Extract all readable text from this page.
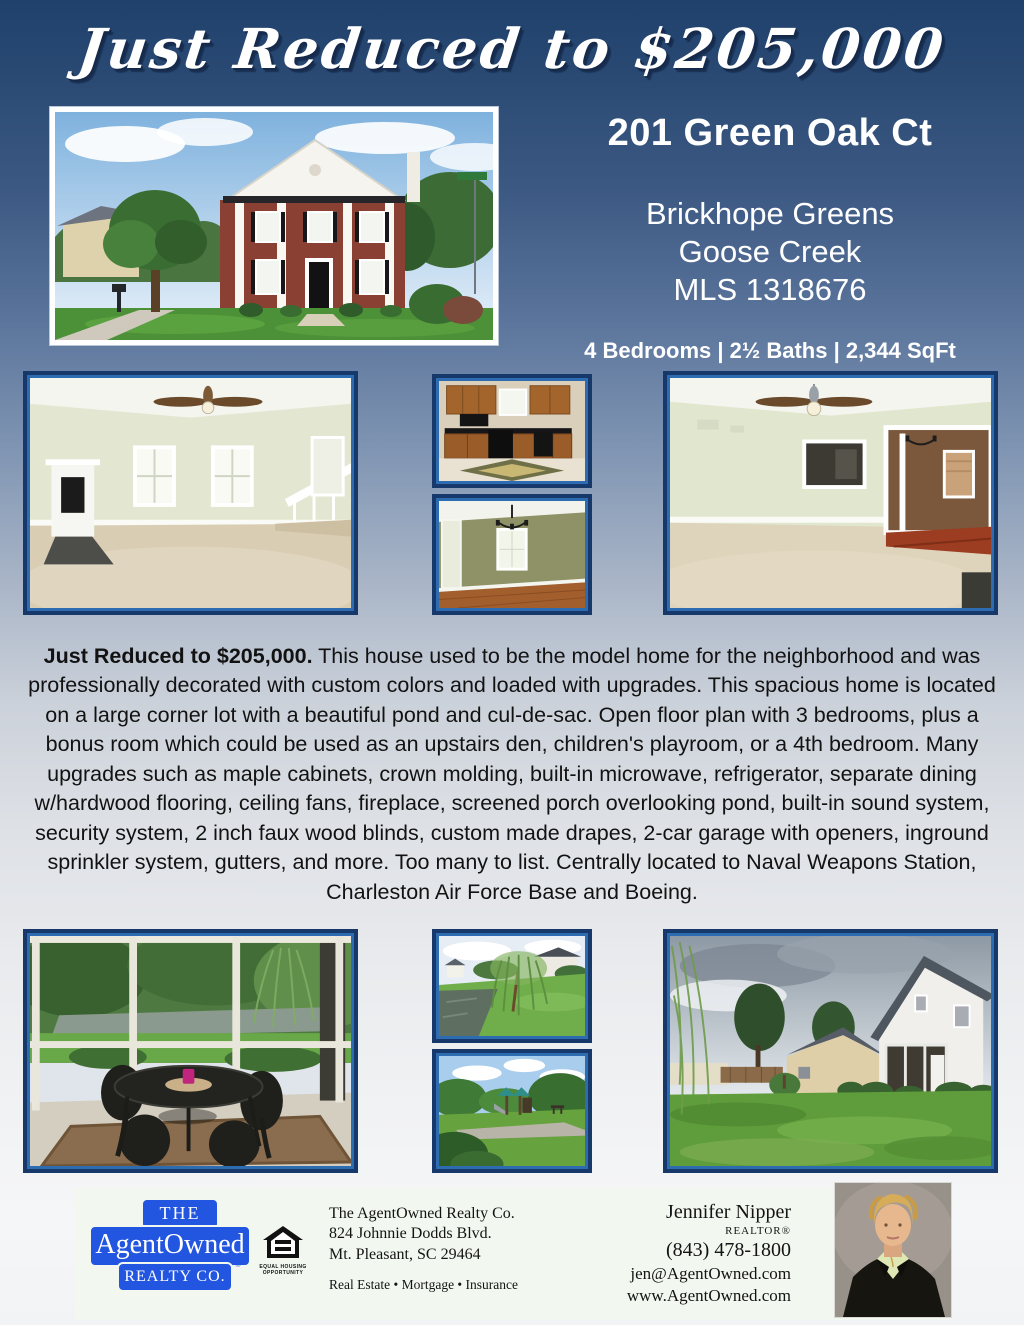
Just Reduced to $205,000
201 Green Oak Ct
Brickhope Greens
Goose Creek
MLS 1318676
4 Bedrooms | 2½ Baths | 2,344 SqFt

Just Reduced to $205,000. This house used to be the model home for the neighborhood and was professionally decorated with custom colors and loaded with upgrades. This spacious home is located on a large corner lot with a beautiful pond and cul-de-sac. Open floor plan with 3 bedrooms, plus a bonus room which could be used as an upstairs den, children's playroom, or a 4th bedroom. Many upgrades such as maple cabinets, crown molding, built-in microwave, refrigerator, separate dining w/hardwood flooring, ceiling fans, fireplace, screened porch overlooking pond, built-in sound system, security system, 2 inch faux wood blinds, custom made drapes, 2-car garage with openers, inground sprinkler system, gutters, and more. Too many to list. Centrally located to Naval Weapons Station, Charleston Air Force Base and Boeing.

THE
AgentOwned
REALTY CO.
®	EQUAL HOUSING
OPPORTUNITY
The AgentOwned Realty Co.
824 Johnnie Dodds Blvd.
Mt. Pleasant, SC 29464
Real Estate • Mortgage • Insurance
Jennifer Nipper
REALTOR®
(843) 478-1800
jen@AgentOwned.com
www.AgentOwned.com
